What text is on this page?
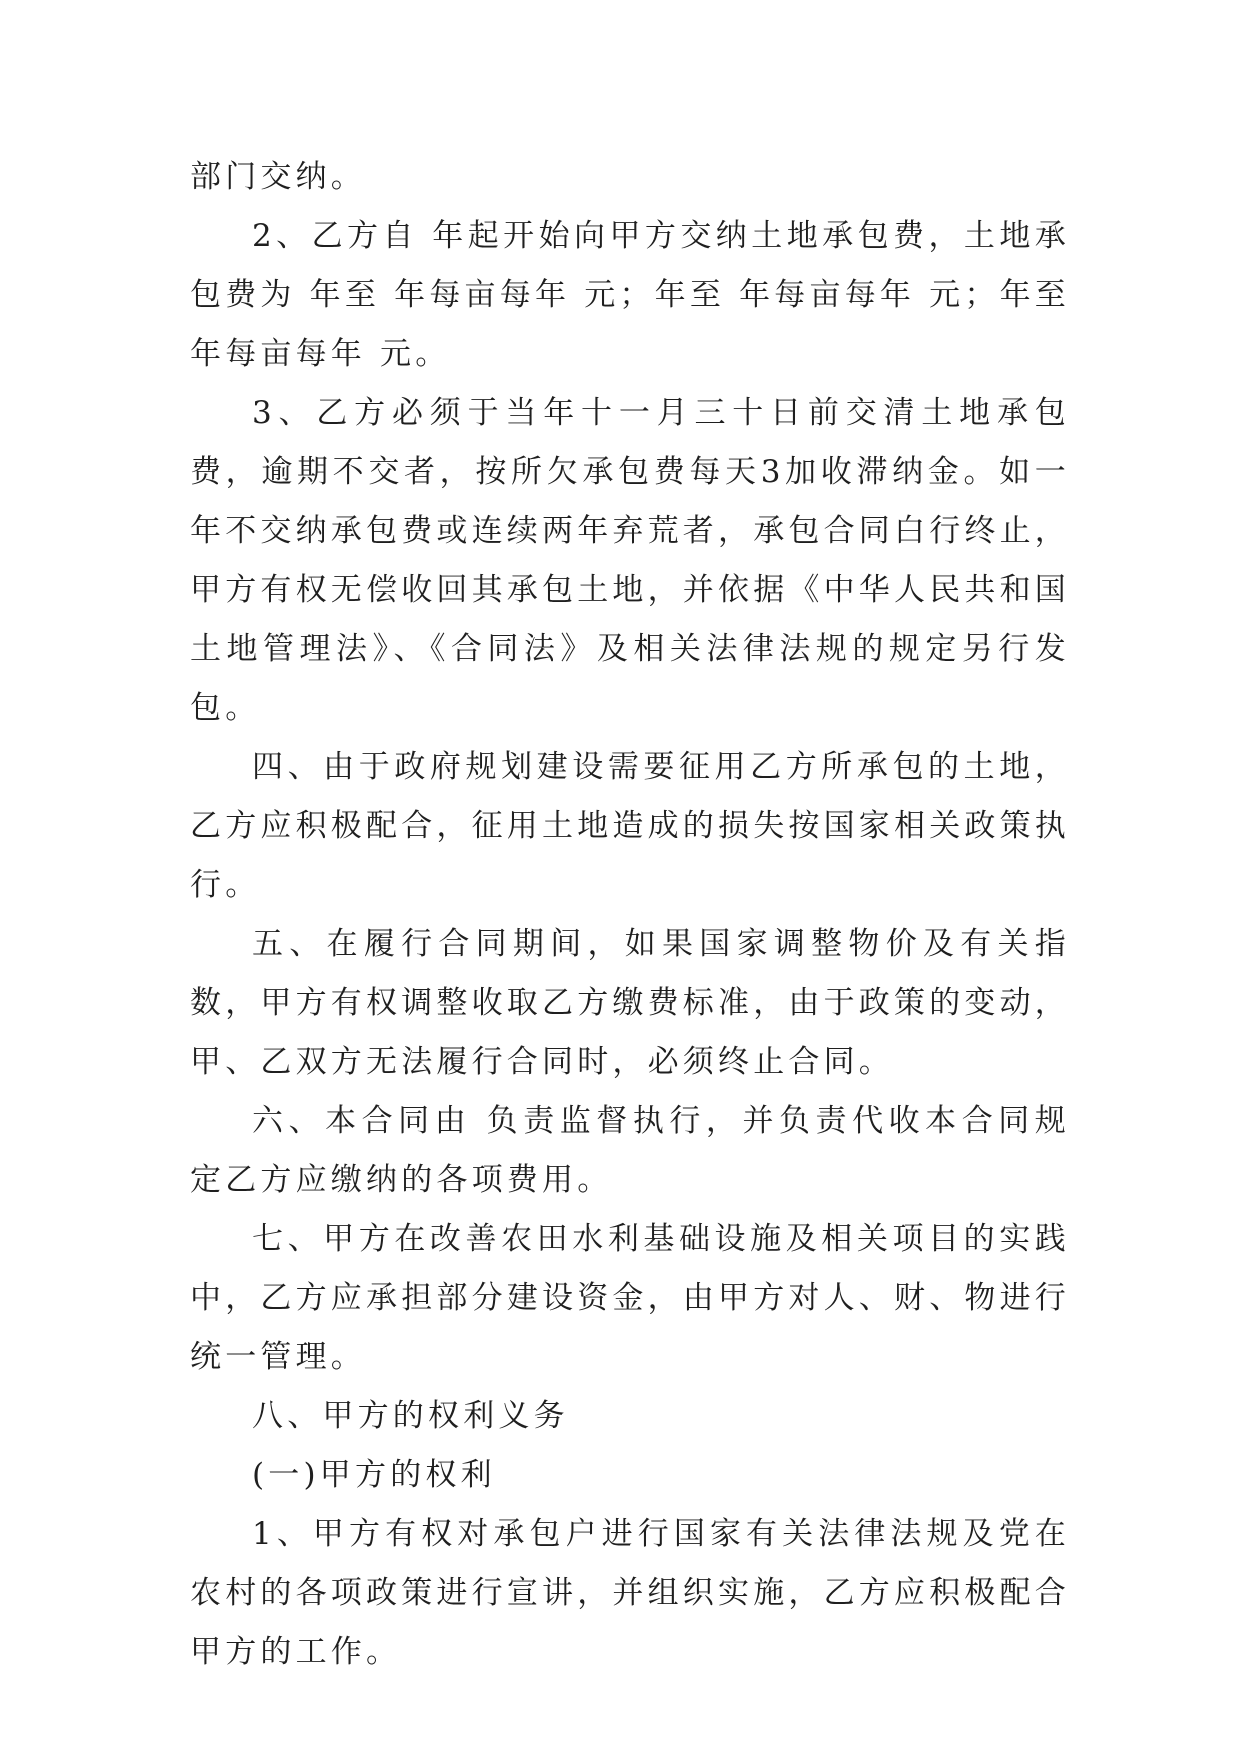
部门交纳。

2、乙方自 年起开始向甲方交纳土地承包费，土地承包费为 年至 年每亩每年 元；年至 年每亩每年 元；年至 年每亩每年 元。

3、乙方必须于当年十一月三十日前交清土地承包费，逾期不交者，按所欠承包费每天3加收滞纳金。如一年不交纳承包费或连续两年弃荒者，承包合同白行终止，甲方有权无偿收回其承包土地，并依据《中华人民共和国土地管理法》、《合同法》及相关法律法规的规定另行发包。

四、由于政府规划建设需要征用乙方所承包的土地，乙方应积极配合，征用土地造成的损失按国家相关政策执行。

五、在履行合同期间，如果国家调整物价及有关指数，甲方有权调整收取乙方缴费标准，由于政策的变动，甲、乙双方无法履行合同时，必须终止合同。

六、本合同由 负责监督执行，并负责代收本合同规定乙方应缴纳的各项费用。

七、甲方在改善农田水利基础设施及相关项目的实践中，乙方应承担部分建设资金，由甲方对人、财、物进行统一管理。

八、甲方的权利义务

(一)甲方的权利

1、甲方有权对承包户进行国家有关法律法规及党在农村的各项政策进行宣讲，并组织实施，乙方应积极配合甲方的工作。
